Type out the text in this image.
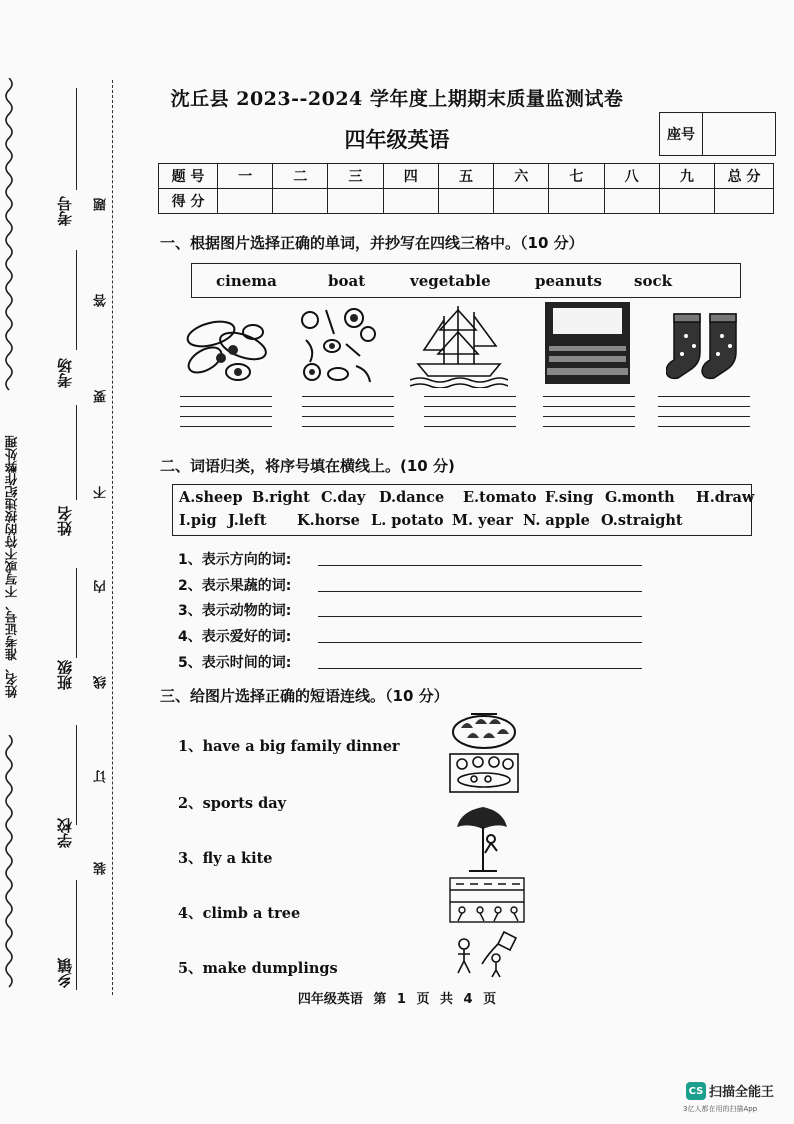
姓名、准考证号、不写或不符的按违纪作弊处理
乡镇
学校
班级
姓名
考场
考号
装
订
线
内
不
要
答
题
沈丘县 2023--2024 学年度上期期末质量监测试卷
四年级英语	座号
题 号	一	二	三	四	五	六	七	八	九	总 分
得 分										
一、根据图片选择正确的单词，并抄写在四线三格中。（10 分）
cinema	boat	vegetable	peanuts sock
二、词语归类，将序号填在横线上。(10 分)
A.sheep B.right C.day D.dance E.tomato F.sing G.month H.draw
I.pig J.left K.horse L. potato M. year N. apple O.straight
1、表示方向的词:
2、表示果蔬的词:
3、表示动物的词:
4、表示爱好的词:
5、表示时间的词:
三、给图片选择正确的短语连线。（10 分）
1、have a big family dinner
2、sports day
3、fly a kite
4、climb a tree
5、make dumplings
四年级英语 第 1 页 共 4 页
CS 扫描全能王
3亿人都在用的扫描App
